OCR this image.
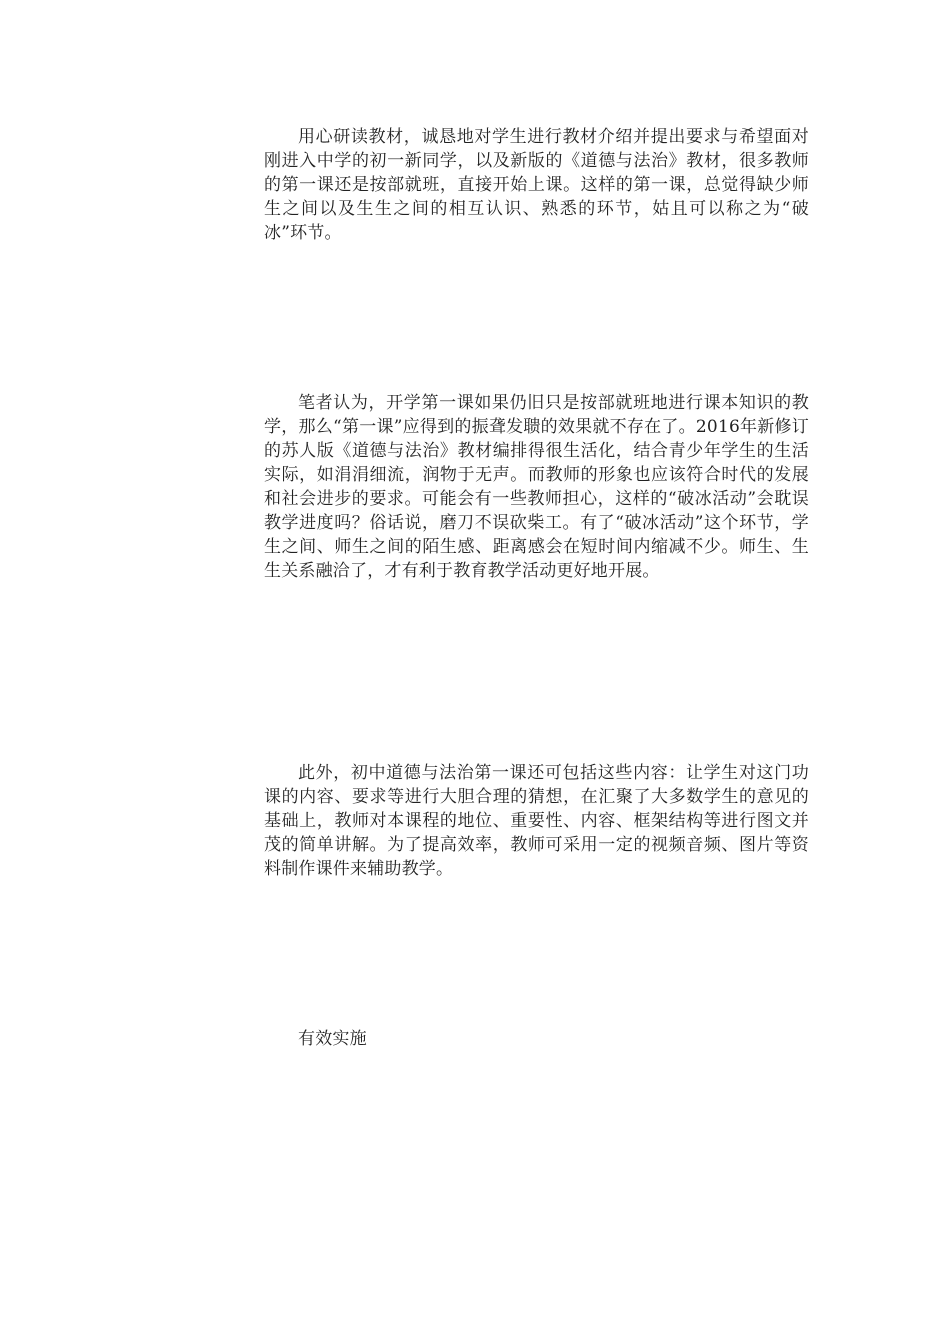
用心研读教材，诚恳地对学生进行教材介绍并提出要求与希望面对刚进入中学的初一新同学，以及新版的《道德与法治》教材，很多教师的第一课还是按部就班，直接开始上课。这样的第一课，总觉得缺少师生之间以及生生之间的相互认识、熟悉的环节，姑且可以称之为“破冰”环节。

笔者认为，开学第一课如果仍旧只是按部就班地进行课本知识的教学，那么“第一课”应得到的振聋发聩的效果就不存在了。2016年新修订的苏人版《道德与法治》教材编排得很生活化，结合青少年学生的生活实际，如涓涓细流，润物于无声。而教师的形象也应该符合时代的发展和社会进步的要求。可能会有一些教师担心，这样的“破冰活动”会耽误教学进度吗？俗话说，磨刀不误砍柴工。有了“破冰活动”这个环节，学生之间、师生之间的陌生感、距离感会在短时间内缩减不少。师生、生生关系融洽了，才有利于教育教学活动更好地开展。

此外，初中道德与法治第一课还可包括这些内容：让学生对这门功课的内容、要求等进行大胆合理的猜想，在汇聚了大多数学生的意见的基础上，教师对本课程的地位、重要性、内容、框架结构等进行图文并茂的简单讲解。为了提高效率，教师可采用一定的视频音频、图片等资料制作课件来辅助教学。

有效实施
